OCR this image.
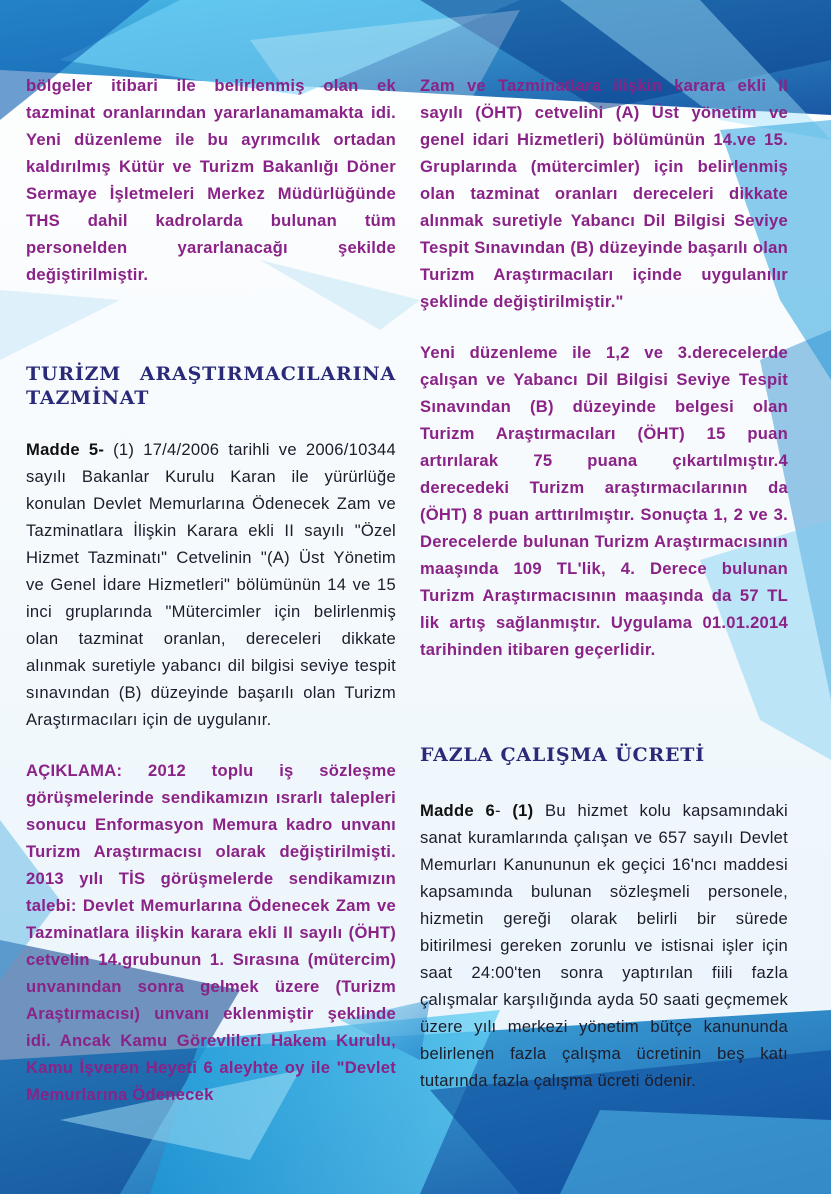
bölgeler itibari ile belirlenmiş olan ek tazminat oranlarından yararlanamamakta idi. Yeni düzenleme ile bu ayrımcılık ortadan kaldırılmış Kütür ve Turizm Bakanlığı Döner Sermaye İşletmeleri Merkez Müdürlüğünde THS dahil kadrolarda bulunan tüm personelden yararlanacağı şekilde değiştirilmiştir.

TURİZM ARAŞTIRMACILARINA
TAZMİNAT

Madde 5- (1) 17/4/2006 tarihli ve 2006/10344 sayılı Bakanlar Kurulu Karan ile yürürlüğe konulan Devlet Memurlarına Ödenecek Zam ve Tazminatlara İlişkin Karara ekli II sayılı "Özel Hizmet Tazminatı" Cetvelinin "(A) Üst Yönetim ve Genel İdare Hizmetleri" bölümünün 14 ve 15 inci gruplarında "Mütercimler için belirlenmiş olan tazminat oranlan, dereceleri dikkate alınmak suretiyle yabancı dil bilgisi seviye tespit sınavından (B) düzeyinde başarılı olan Turizm Araştırmacıları için de uygulanır.

AÇIKLAMA: 2012 toplu iş sözleşme görüşmelerinde sendikamızın ısrarlı talepleri sonucu Enformasyon Memura kadro unvanı Turizm Araştırmacısı olarak değiştirilmişti. 2013 yılı TİS görüşmelerde sendikamızın talebi: Devlet Memurlarına Ödenecek Zam ve Tazminatlara ilişkin karara ekli II sayılı (ÖHT) cetvelin 14.grubunun 1. Sırasına (mütercim) unvanından sonra gelmek üzere (Turizm Araştırmacısı) unvanı eklenmiştir şeklinde idi. Ancak Kamu Görevlileri Hakem Kurulu, Kamu İşveren Heyeti 6 aleyhte oy ile "Devlet Memurlarına Ödenecek

Zam ve Tazminatlara ilişkin karara ekli II sayılı (ÖHT) cetvelini (A) Üst yönetim ve genel idari Hizmetleri) bölümünün 14.ve 15. Gruplarında (mütercimler) için belirlenmiş olan tazminat oranları dereceleri dikkate alınmak suretiyle Yabancı Dil Bilgisi Seviye Tespit Sınavından (B) düzeyinde başarılı olan Turizm Araştırmacıları içinde uygulanılır şeklinde değiştirilmiştir."

Yeni düzenleme ile 1,2 ve 3.derecelerde çalışan ve Yabancı Dil Bilgisi Seviye Tespit Sınavından (B) düzeyinde belgesi olan Turizm Araştırmacıları (ÖHT) 15 puan artırılarak 75 puana çıkartılmıştır.4 derecedeki Turizm araştırmacılarının da (ÖHT) 8 puan arttırılmıştır. Sonuçta 1, 2 ve 3. Derecelerde bulunan Turizm Araştırmacısının maaşında 109 TL'lik, 4. Derece bulunan Turizm Araştırmacısının maaşında da 57 TL lik artış sağlanmıştır. Uygulama 01.01.2014 tarihinden itibaren geçerlidir.

FAZLA ÇALIŞMA ÜCRETİ

Madde 6- (1) Bu hizmet kolu kapsamındaki sanat kuramlarında çalışan ve 657 sayılı Devlet Memurları Kanununun ek geçici 16'ncı maddesi kapsamında bulunan sözleşmeli personele, hizmetin gereği olarak belirli bir sürede bitirilmesi gereken zorunlu ve istisnai işler için saat 24:00'ten sonra yaptırılan fiili fazla çalışmalar karşılığında ayda 50 saati geçmemek üzere yılı merkezi yönetim bütçe kanununda belirlenen fazla çalışma ücretinin beş katı tutarında fazla çalışma ücreti ödenir.
